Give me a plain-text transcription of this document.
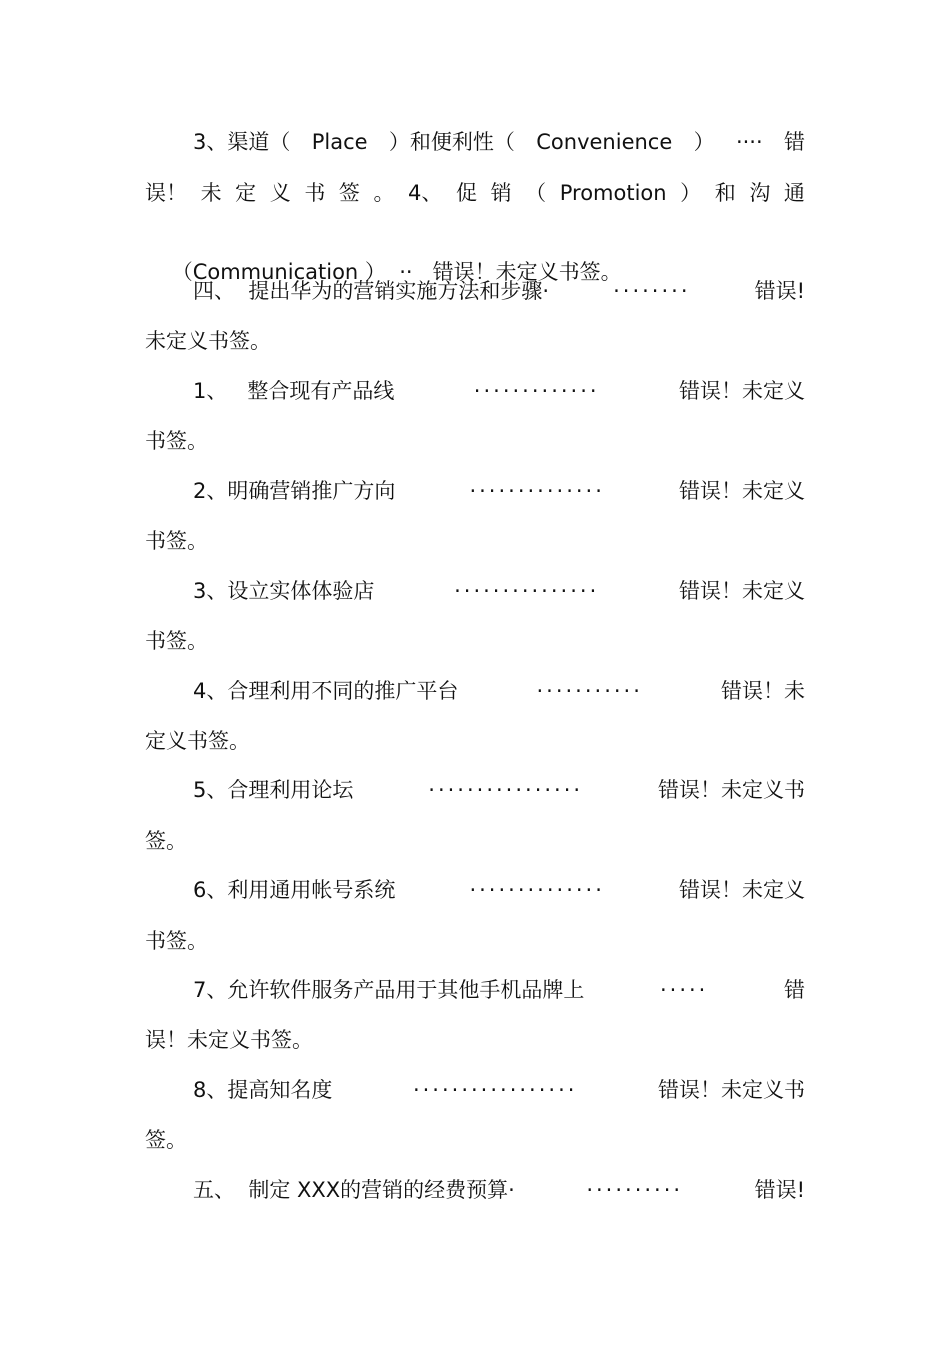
3、渠道（ Place ）和便利性（ Convenience ） ···· 错
误！ 未 定 义 书 签 。 4、 促 销 （ Promotion ） 和 沟 通

（Communication ）  ··   错误！未定义书签。

四、  提出华为的营销实施方法和步骤·	········	错误!
未定义书签。
1、   整合现有产品线	·············	错误！未定义
书签。
2、明确营销推广方向	··············	错误！未定义
书签。
3、设立实体体验店	···············	错误！未定义
书签。
4、合理利用不同的推广平台	···········	错误！未
定义书签。
5、合理利用论坛	················	错误！未定义书
签。
6、利用通用帐号系统	··············	错误！未定义
书签。
7、允许软件服务产品用于其他手机品牌上	·····	错
误！未定义书签。
8、提高知名度	·················	错误！未定义书
签。
五、  制定 XXX的营销的经费预算·	··········	错误!
